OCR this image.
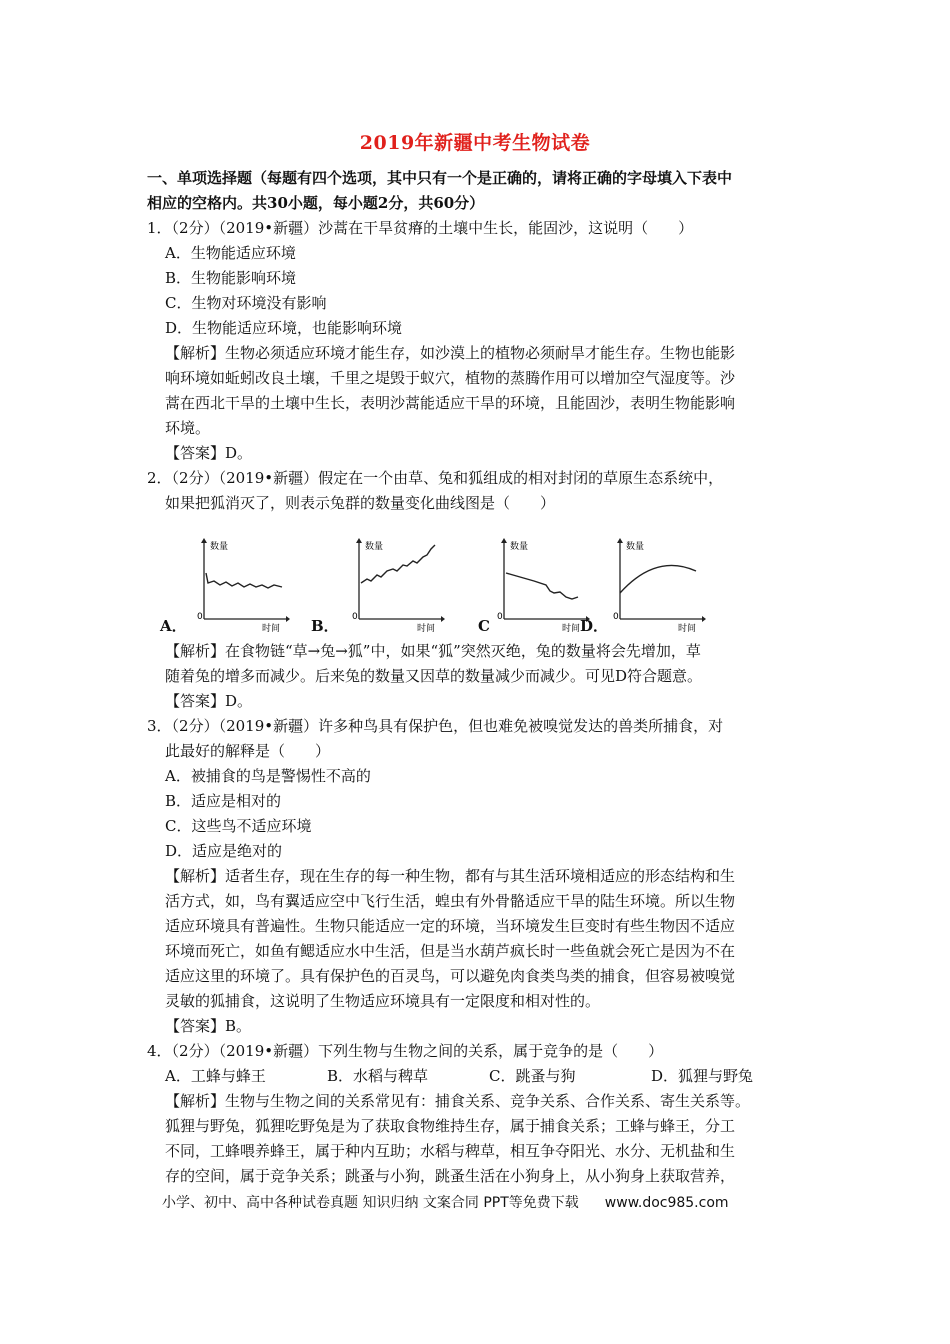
2019年新疆中考生物试卷
一、单项选择题（每题有四个选项，其中只有一个是正确的，请将正确的字母填入下表中
相应的空格内。共30小题，每小题2分，共60分）
1．（2分）（2019•新疆）沙蒿在干旱贫瘠的土壤中生长，能固沙，这说明（　　）
A．生物能适应环境
B．生物能影响环境
C．生物对环境没有影响
D．生物能适应环境，也能影响环境
【解析】生物必须适应环境才能生存，如沙漠上的植物必须耐旱才能生存。生物也能影
响环境如蚯蚓改良土壤，千里之堤毁于蚁穴，植物的蒸腾作用可以增加空气湿度等。沙
蒿在西北干旱的土壤中生长，表明沙蒿能适应干旱的环境，且能固沙，表明生物能影响
环境。
【答案】D。
2．（2分）（2019•新疆）假定在一个由草、兔和狐组成的相对封闭的草原生态系统中，
如果把狐消灭了，则表示兔群的数量变化曲线图是（　　）
数量
时间
0
A．
数量
时间
0
B．
数量
时间
0
C
数量
时间
0
D．
【解析】在食物链“草→兔→狐”中，如果“狐”突然灭绝，兔的数量将会先增加，草
随着兔的增多而减少。后来兔的数量又因草的数量减少而减少。可见D符合题意。
【答案】D。
3．（2分）（2019•新疆）许多种鸟具有保护色，但也难免被嗅觉发达的兽类所捕食，对
此最好的解释是（　　）
A．被捕食的鸟是警惕性不高的
B．适应是相对的
C．这些鸟不适应环境
D．适应是绝对的
【解析】适者生存，现在生存的每一种生物，都有与其生活环境相适应的形态结构和生
活方式，如，鸟有翼适应空中飞行生活，蝗虫有外骨骼适应干旱的陆生环境。所以生物
适应环境具有普遍性。生物只能适应一定的环境，当环境发生巨变时有些生物因不适应
环境而死亡，如鱼有鳃适应水中生活，但是当水葫芦疯长时一些鱼就会死亡是因为不在
适应这里的环境了。具有保护色的百灵鸟，可以避免肉食类鸟类的捕食，但容易被嗅觉
灵敏的狐捕食，这说明了生物适应环境具有一定限度和相对性的。
【答案】B。
4．（2分）（2019•新疆）下列生物与生物之间的关系，属于竞争的是（　　）
A．工蜂与蜂王	B．水稻与稗草	C．跳蚤与狗	D．狐狸与野兔
【解析】生物与生物之间的关系常见有：捕食关系、竞争关系、合作关系、寄生关系等。
狐狸与野兔，狐狸吃野兔是为了获取食物维持生存，属于捕食关系；工蜂与蜂王，分工
不同，工蜂喂养蜂王，属于种内互助；水稻与稗草，相互争夺阳光、水分、无机盐和生
存的空间，属于竞争关系；跳蚤与小狗，跳蚤生活在小狗身上，从小狗身上获取营养，
小学、初中、高中各种试卷真题 知识归纳 文案合同 PPT等免费下载 www.doc985.com
